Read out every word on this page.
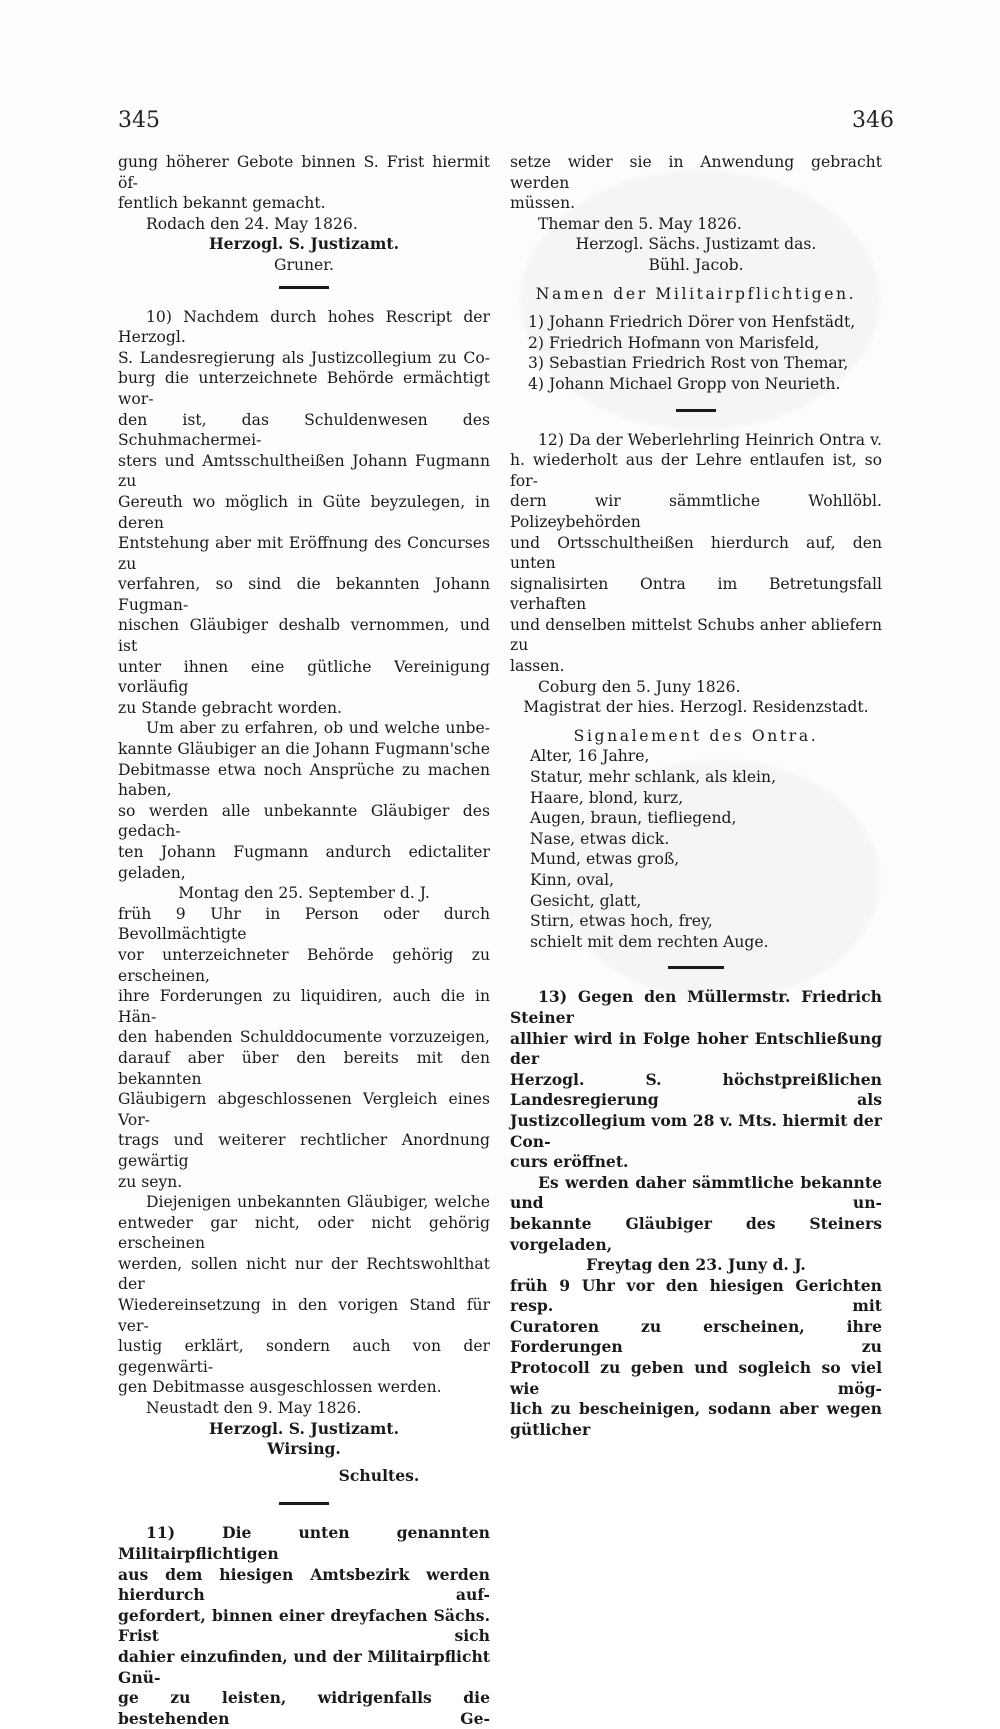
345	346

gung höherer Gebote binnen S. Frist hiermit öf-

fentlich bekannt gemacht.

Rodach den 24. May 1826.

Herzogl. S. Justizamt.

Gruner.

10) Nachdem durch hohes Rescript der Herzogl.

S. Landesregierung als Justizcollegium zu Co-

burg die unterzeichnete Behörde ermächtigt wor-

den ist, das Schuldenwesen des Schuhmachermei-

sters und Amtsschultheißen Johann Fugmann zu

Gereuth wo möglich in Güte beyzulegen, in deren

Entstehung aber mit Eröffnung des Concurses zu

verfahren, so sind die bekannten Johann Fugman-

nischen Gläubiger deshalb vernommen, und ist

unter ihnen eine gütliche Vereinigung vorläufig

zu Stande gebracht worden.

Um aber zu erfahren, ob und welche unbe-

kannte Gläubiger an die Johann Fugmann'sche

Debitmasse etwa noch Ansprüche zu machen haben,

so werden alle unbekannte Gläubiger des gedach-

ten Johann Fugmann andurch edictaliter geladen,

Montag den 25. September d. J.

früh 9 Uhr in Person oder durch Bevollmächtigte

vor unterzeichneter Behörde gehörig zu erscheinen,

ihre Forderungen zu liquidiren, auch die in Hän-

den habenden Schulddocumente vorzuzeigen,

darauf aber über den bereits mit den bekannten

Gläubigern abgeschlossenen Vergleich eines Vor-

trags und weiterer rechtlicher Anordnung gewärtig

zu seyn.

Diejenigen unbekannten Gläubiger, welche

entweder gar nicht, oder nicht gehörig erscheinen

werden, sollen nicht nur der Rechtswohlthat der

Wiedereinsetzung in den vorigen Stand für ver-

lustig erklärt, sondern auch von der gegenwärti-

gen Debitmasse ausgeschlossen werden.

Neustadt den 9. May 1826.

Herzogl. S. Justizamt.

Wirsing.

Schultes.

11) Die unten genannten Militairpflichtigen

aus dem hiesigen Amtsbezirk werden hierdurch auf-

gefordert, binnen einer dreyfachen Sächs. Frist sich

dahier einzufinden, und der Militairpflicht Gnü-

ge zu leisten, widrigenfalls die bestehenden Ge-

setze wider sie in Anwendung gebracht werden

müssen.

Themar den 5. May 1826.

Herzogl. Sächs. Justizamt das.

Bühl. Jacob.

Namen der Militairpflichtigen.

1) Johann Friedrich Dörer von Henfstädt,

2) Friedrich Hofmann von Marisfeld,

3) Sebastian Friedrich Rost von Themar,

4) Johann Michael Gropp von Neurieth.

12) Da der Weberlehrling Heinrich Ontra v.

h. wiederholt aus der Lehre entlaufen ist, so for-

dern wir sämmtliche Wohllöbl. Polizeybehörden

und Ortsschultheißen hierdurch auf, den unten

signalisirten Ontra im Betretungsfall verhaften

und denselben mittelst Schubs anher abliefern zu

lassen.

Coburg den 5. Juny 1826.

Magistrat der hies. Herzogl. Residenzstadt.

Signalement des Ontra.

Alter, 16 Jahre,

Statur, mehr schlank, als klein,

Haare, blond, kurz,

Augen, braun, tiefliegend,

Nase, etwas dick.

Mund, etwas groß,

Kinn, oval,

Gesicht, glatt,

Stirn, etwas hoch, frey,

schielt mit dem rechten Auge.

13) Gegen den Müllermstr. Friedrich Steiner

allhier wird in Folge hoher Entschließung der

Herzogl. S. höchstpreißlichen Landesregierung als

Justizcollegium vom 28 v. Mts. hiermit der Con-

curs eröffnet.

Es werden daher sämmtliche bekannte und un-

bekannte Gläubiger des Steiners vorgeladen,

Freytag den 23. Juny d. J.

früh 9 Uhr vor den hiesigen Gerichten resp. mit

Curatoren zu erscheinen, ihre Forderungen zu

Protocoll zu geben und sogleich so viel wie mög-

lich zu bescheinigen, sodann aber wegen gütlicher
